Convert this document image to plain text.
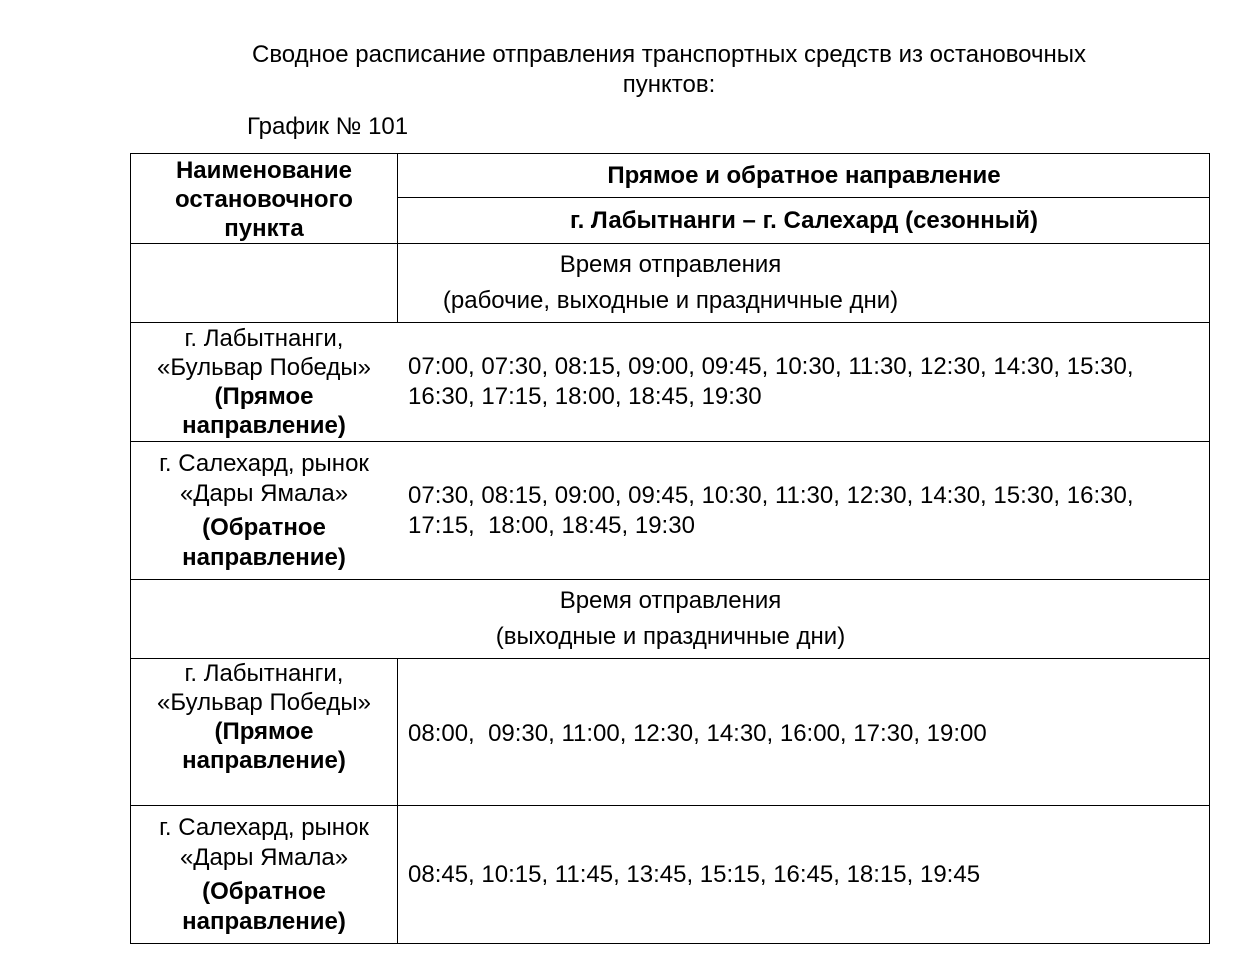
Сводное расписание отправления транспортных средств из остановочных
пунктов:
График № 101
Наименование остановочного пункта
Прямое и обратное направление
г. Лабытнанги – г. Салехард (сезонный)
Время отправления
(рабочие, выходные и праздничные дни)
г. Лабытнанги,
«Бульвар Победы»
(Прямое направление)
07:00, 07:30, 08:15, 09:00, 09:45, 10:30, 11:30, 12:30, 14:30, 15:30,
16:30, 17:15, 18:00, 18:45, 19:30
г. Салехард, рынок
«Дары Ямала»
(Обратное направление)
07:30, 08:15, 09:00, 09:45, 10:30, 11:30, 12:30, 14:30, 15:30, 16:30,
17:15,  18:00, 18:45, 19:30
Время отправления
(выходные и праздничные дни)
г. Лабытнанги,
«Бульвар Победы»
(Прямое направление)
08:00,  09:30, 11:00, 12:30, 14:30, 16:00, 17:30, 19:00
г. Салехард, рынок
«Дары Ямала»
(Обратное направление)
08:45, 10:15, 11:45, 13:45, 15:15, 16:45, 18:15, 19:45
